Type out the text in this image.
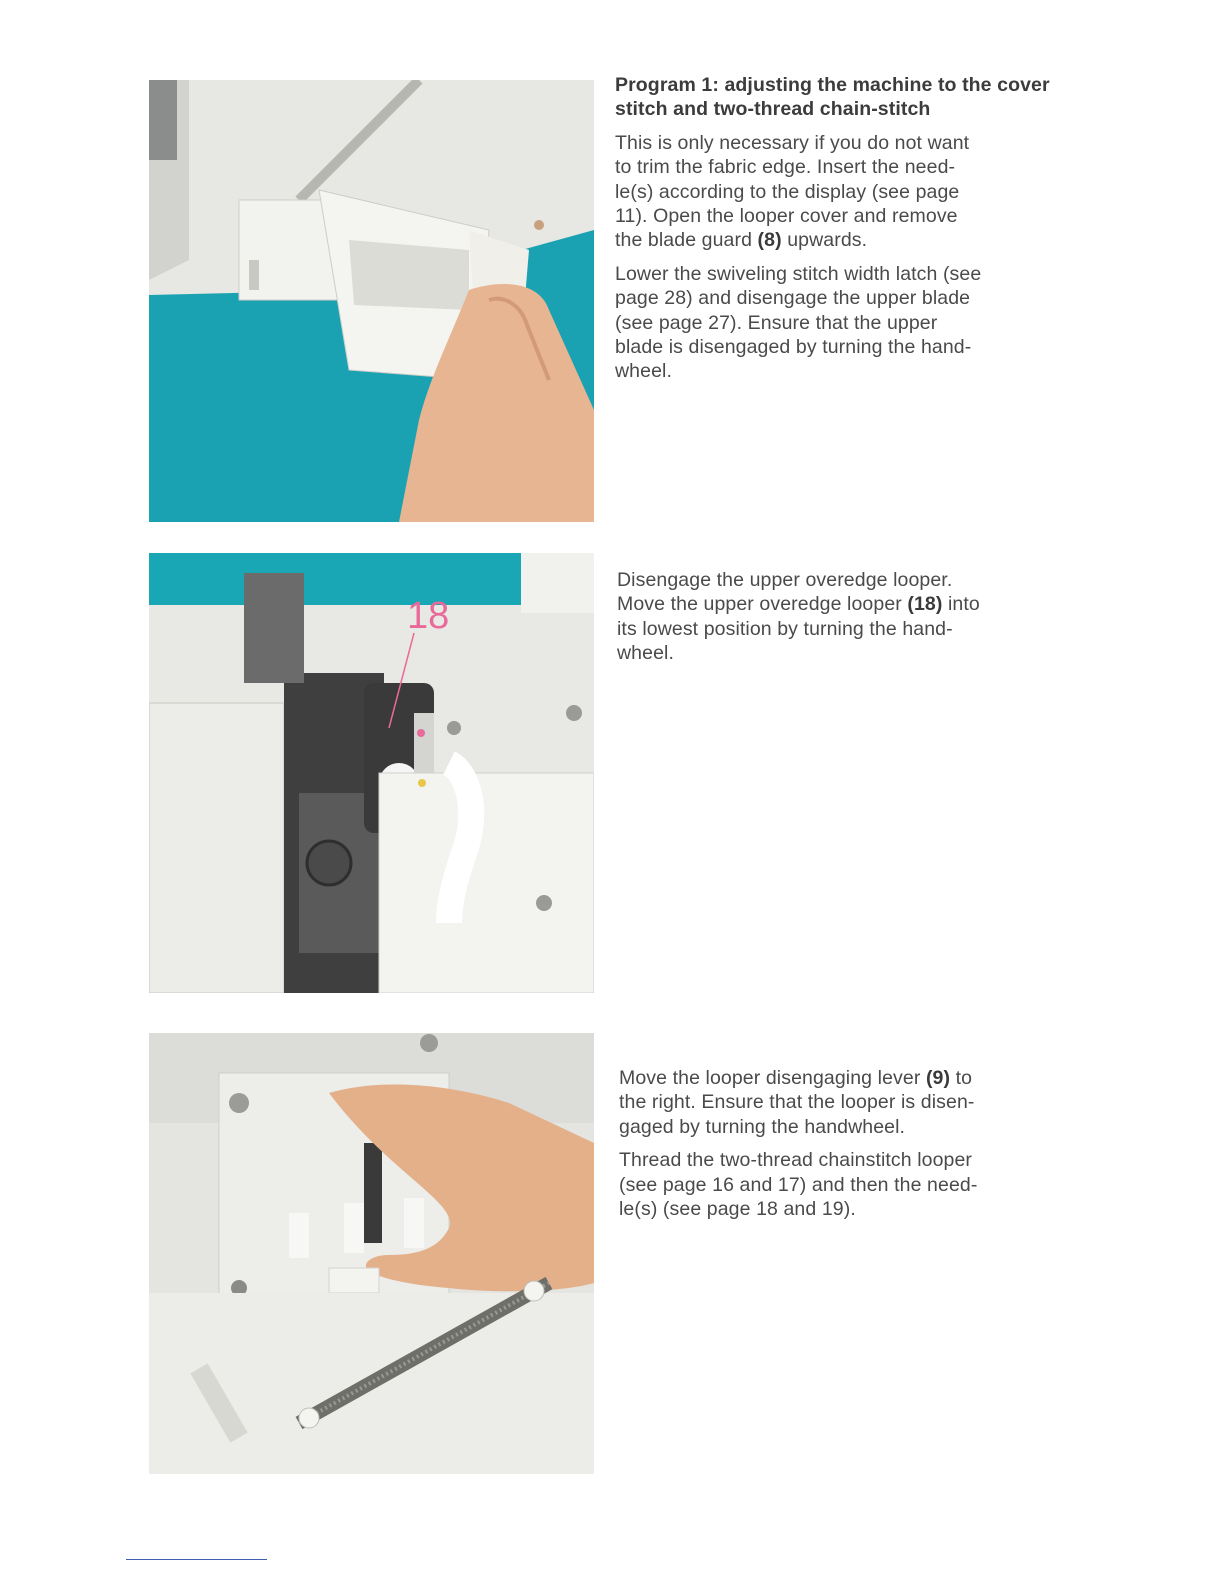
18
Program 1: adjusting the machine to the cover stitch and two-thread chain-stitch

This is only necessary if you do not want
to trim the fabric edge. Insert the need-
le(s) according to the display (see page
11). Open the looper cover and remove
the blade guard (8) upwards.

Lower the swiveling stitch width latch (see
page 28) and disengage the upper blade
(see page 27). Ensure that the upper
blade is disengaged by turning the hand-
wheel.

Disengage the upper overedge looper.
Move the upper overedge looper (18) into
its lowest position by turning the hand-
wheel.

Move the looper disengaging lever (9) to
the right. Ensure that the looper is disen-
gaged by turning the handwheel.

Thread the two-thread chainstitch looper
(see page 16 and 17) and then the need-
le(s) (see page 18 and 19).
